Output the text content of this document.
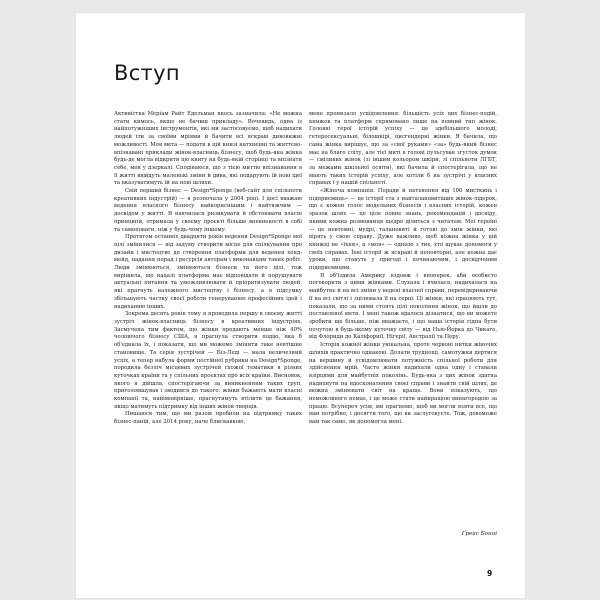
Вступ

Активістка Меріам Райт Едельман якось зазначила: «Не можна стати кимось, якщо не бачиш прикладу». Вочевидь, одна із найпотужніших інструментів, які ми застосовуємо, щоб надихати людей іти за своїми мріями й бачити всі яскраві дивовижні можливості. Моя мета — подати в цій книзі натхненні та життєво-впізнавані приклади жінок-власниць бізнесу, щоб будь-яка жінка будь-де могла відкрити цю книгу на будь-якій сторінці та впізнати себе, мов у дзеркалі. Сподіваюся, що з тією миттю впізнавання в її житті ввійдуть маленькі зміни й дива, які подарують їй нові ідеї та вказуватимуть їй на нові шляхи.

Свій перший бізнес — Design*Sponge (веб-сайт для спільноти креативних індустрій) — я розпочала у 2004 році. І досі вважаю ведення власного бізнесу найкориснішим і найтяжчим — досвідом у житті. Я навчилася ризикувати й обстоювати власні принципи, отримала у своєму проєкті більше впевненості в собі та самоповаги, ніж у будь-чому іншому.

Протягом останніх двадцяти років ведення Design*Sponge мої цілі змінилися — від задуму створити місце для спілкування про дизайн і мистецтво до створення платформи для ведення хенд-мейд, надання порад і ресурсів авторам і виконавцям таких робіт. Люди змінюються, змінюються бізнеси та його цілі, тож вирішила, що надалі платформа має відповідати й порушувати актуальні питання та уможливлювати й пріоритизувати людей, які прагнуть належного мистецтву і бізнесу, а в підсумку збільшують частку своєї роботи генеруванню професійних ідей і надиханню інших.

Зокрема десять років тому я проводила першу в своєму житті зустріч жінок-власниць бізнесу в креативних індустріях. Засмучена тим фактом, що жінки продають менше ніж 40% чоловічого бізнесу США, я прагнула створити подію, яка б об'єднала їх, і показати, що ми можемо змінити таке невтішне становище. Та серія зустрічей — Біз-Леді — мала величезний успіх, а тепер набула форми постійної рубрики на Design*Sponge, породила безліч місцевих зустрічей схожої тематики в різних куточках країни та у спільних проєктах про всіх країни. Висновок, якого я дійшла, спостерігаючи за виникненням таких груп, приголомшував і зводився до такого: жінки бажають мати власні компанії та, найімовірніше, прагнутимуть втілити це бажання, якщо матимуть підтримку від інших жінок-творців.

Пишаюся тим, що ми разом пробили на підтримку таких бізнес-паній, але 2014 року, наче блискавкою,

мене пронизало усвідомлення: більшість усіх цих бізнес-подій, книжок та платформ спрямовано лише на певний тип жінок. Головні герої історій успіху — це здебільшого молоді, гетеросексуальні, білошкірі, цисгендерні жінки. Я бачила, що сама жінка вирішує, що за «свої руками» «за» будь-який бізнес має на благо сліту, але тієї миті в голові пульсував згусток думок — сміливих жінок (зі іншим кольором шкіри, зі спільноти ЛГБТ, за межами шкільної освіти), які бачила й спостерігала, що не мають таких історій успіху, але хотіли б на зустрічі у власних справах і у нашій спільноті.

«Жіноча компанія. Поради й натхнення від 100 мисткинь і підприємиць» — це історії ста з найталановитіших жінок-лідерок, що є кожен голос модельних бізнесів і власних історій, кожен зразок шлях — це ціле повне знань, рекомендацій і досвіду, якими кожна розмовниця щедро ділиться з читачем. Мої героїні — це невтомні, мудрі, талановиті й готові до змін жінки, які вірять у свою справу. Дуже важливо, щоб кожна жінка у цій книжці не «їхня», а «моя» — однією з тих, хто шукає допомоги у своїх справах. Їхні історії ж яскраві й неповторні, але кожна дає уроки, що стануть у пригоді і починаючим, і досвідченим підприємицям.

Я об'їздила Америку вздовж і впоперек, аби особисто поговорити з цими жінками. Слухала і вчилася, надихалася на майбутнє й на всі зміни у ведені власної справи, перевідкриваючи її на всі світлі і зцілювала її на серці. Ці жінки, які працюють тут, показали, що за ними стоять цілі покоління жінок, що йшли до поставленої мети. І мені також вдалося дізнатися, що ви можете зробити ще більше, ніж вважаєте, і що ваша історія гідна бути почутою в будь-якому куточку світу — від Нью-Йорка до Чикаго, від Флориди до Каліфорнії, Нігерії, Австралії та Перу.

Історія кожної жінки унікальна, проте червоні нитки жіночих шляхів практично однакові. Долати труднощі, самотужки дертися на вершину й усвідомлювати потужність спільної роботи для здійснення мрій. Часто жінки надихали одна одну і ставали взірцями для майбутніх поколінь. Будь-яка з цих жінок здатна надихнути на вдосконалення своєї справи і знайти свій шлях, де можна змінювати світ на краще. Вони показують, що неможливого немає, і це може стати найкращою винагородою за працю. Всупереч усім, ми прагнемо, щоб ви могли взяти все, що вам потрібно, і досягти того, що ви заслуговуєте. Тож, довоможе вам так само, як допомогла мені.

Ґрейс Бонні
9
